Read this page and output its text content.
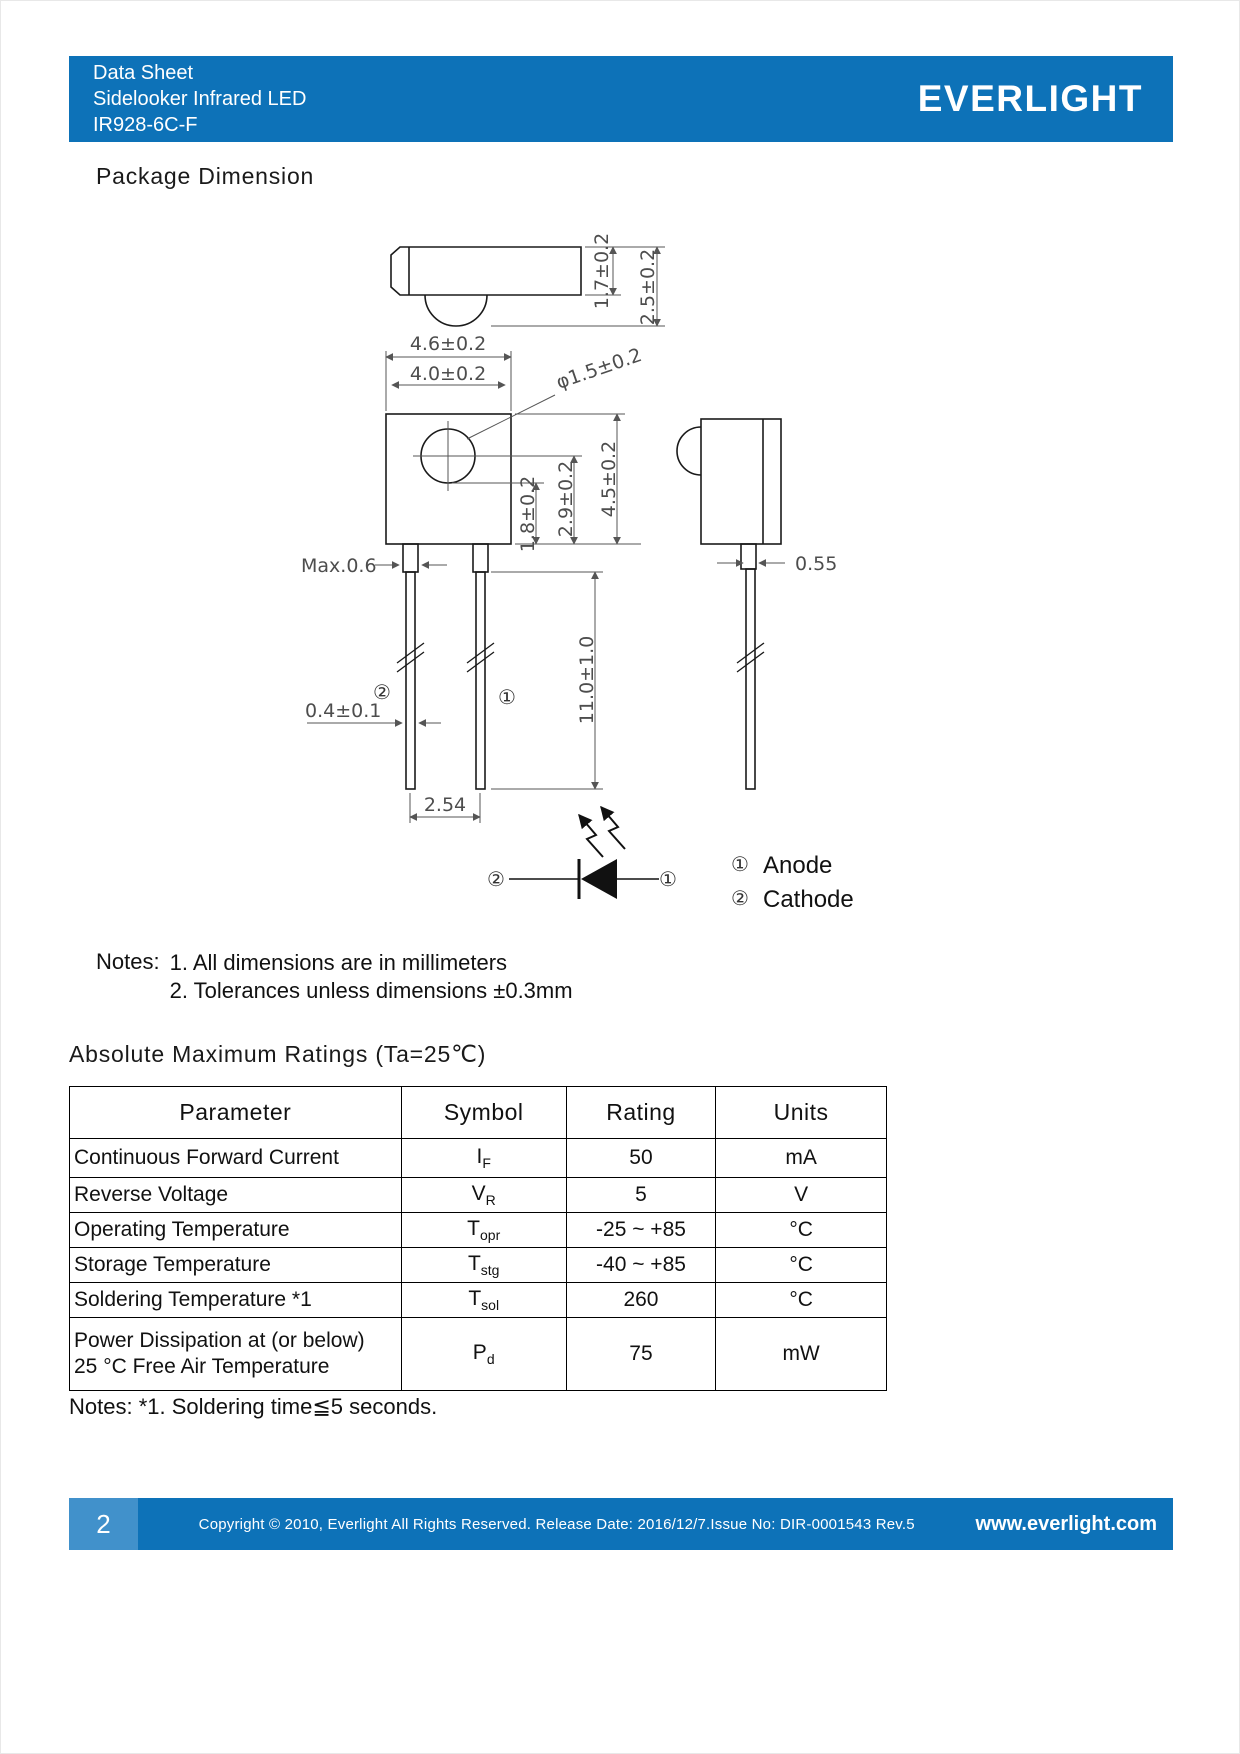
Data Sheet
Sidelooker Infrared LED
IR928-6C-F
EVERLIGHT
Package Dimension
1.7±0.2 2.5±0.2
4.6±0.2
4.0±0.2	φ1.5±0.2
1.8±0.2 2.9±0.2 4.5±0.2
11.0±1.0
Max.0.6
0.4±0.1
2.54
0.55
②	①
②	①
① Anode
② Cathode
Notes: 1. All dimensions are in millimeters
2. Tolerances unless dimensions ±0.3mm
Absolute Maximum Ratings (Ta=25℃)
Parameter	Symbol	Rating	Units

Continuous Forward Current	$I_F$	50	mA

Reverse Voltage	$V_R$	5	V

Operating Temperature	$T_{opr}$	-25 ~ +85	°C

Storage Temperature	$T_{stg}$	-40 ~ +85	°C

Soldering Temperature *1	$T_{sol}$	260	°C

Power Dissipation at (or below)
25 °C Free Air Temperature	$P_d$	75	mW
Notes: *1. Soldering time≦5 seconds.
2	Copyright © 2010, Everlight All Rights Reserved. Release Date: 2016/12/7.Issue No: DIR-0001543 Rev.5	www.everlight.com
